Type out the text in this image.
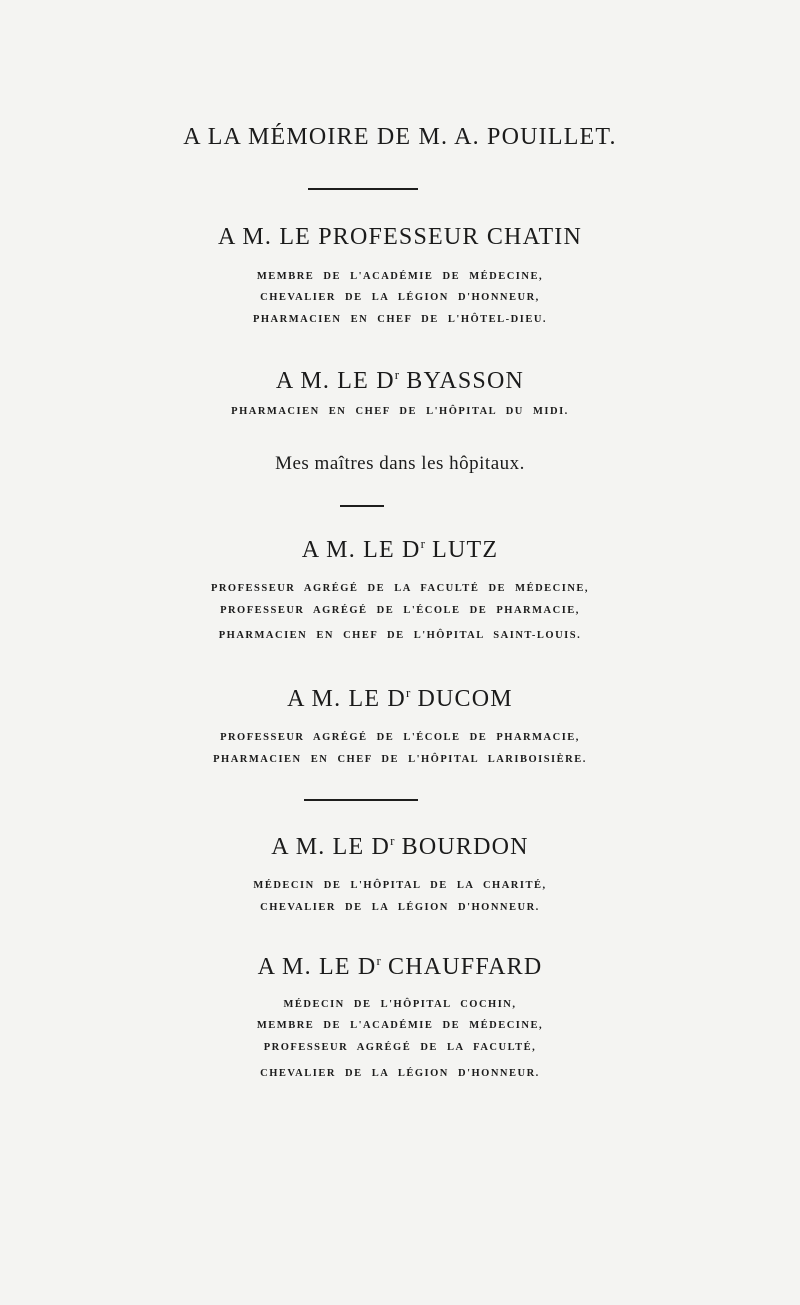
A LA MÉMOIRE DE M. A. POUILLET.
A M. LE PROFESSEUR CHATIN
MEMBRE DE L'ACADÉMIE DE MÉDECINE,
CHEVALIER DE LA LÉGION D'HONNEUR,
PHARMACIEN EN CHEF DE L'HÔTEL-DIEU.
A M. LE $D^r$ BYASSON
PHARMACIEN EN CHEF DE L'HÔPITAL DU MIDI.
Mes maîtres dans les hôpitaux.
A M. LE $D^r$ LUTZ
PROFESSEUR AGRÉGÉ DE LA FACULTÉ DE MÉDECINE,
PROFESSEUR AGRÉGÉ DE L'ÉCOLE DE PHARMACIE,
PHARMACIEN EN CHEF DE L'HÔPITAL SAINT-LOUIS.
A M. LE $D^r$ DUCOM
PROFESSEUR AGRÉGÉ DE L'ÉCOLE DE PHARMACIE,
PHARMACIEN EN CHEF DE L'HÔPITAL LARIBOISIÈRE.
A M. LE $D^r$ BOURDON
MÉDECIN DE L'HÔPITAL DE LA CHARITÉ,
CHEVALIER DE LA LÉGION D'HONNEUR.
A M. LE $D^r$ CHAUFFARD
MÉDECIN DE L'HÔPITAL COCHIN,
MEMBRE DE L'ACADÉMIE DE MÉDECINE,
PROFESSEUR AGRÉGÉ DE LA FACULTÉ,
CHEVALIER DE LA LÉGION D'HONNEUR.
